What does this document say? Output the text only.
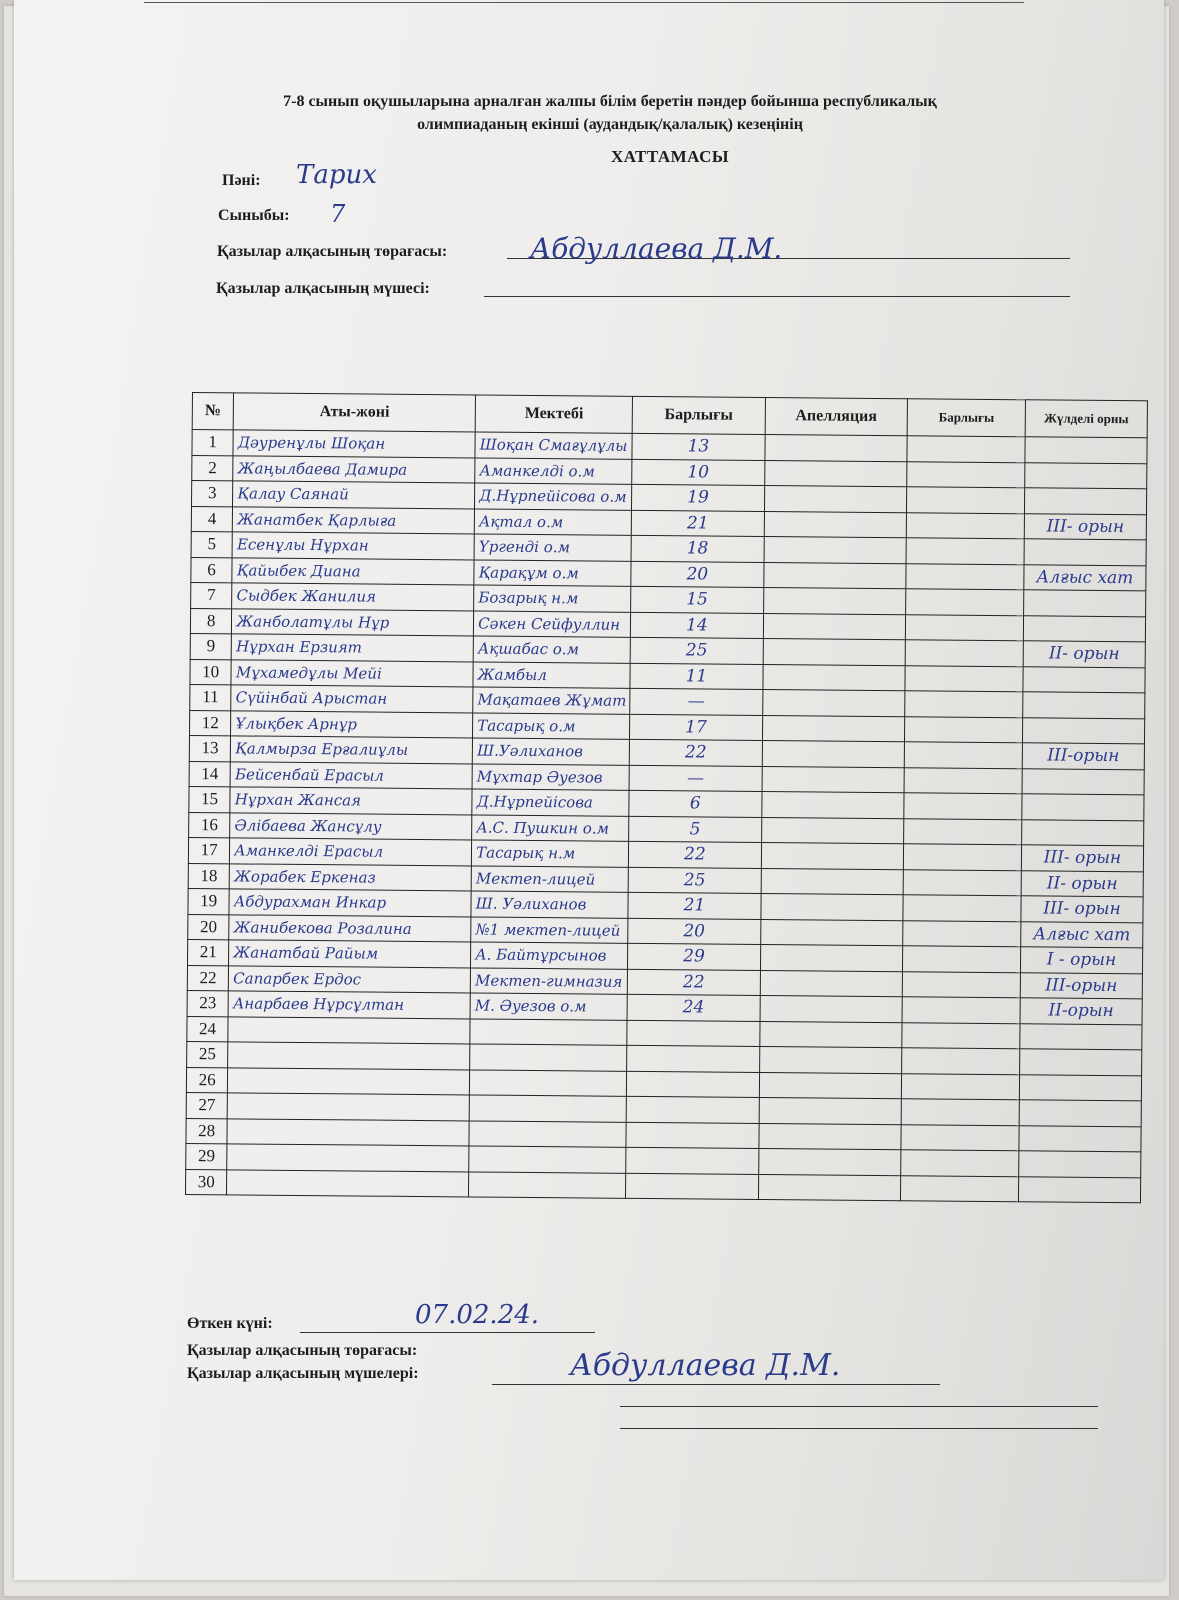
7-8 сынып оқушыларына арналған жалпы білім беретін пәндер бойынша республикалық
олимпиаданың екінші (аудандық/қалалық) кезеңінің
ХАТТАМАСЫ
Пәні: Тарих
Сыныбы: 7
Қазылар алқасының төрағасы:	Абдуллаева Д.М.
Қазылар алқасының мүшесі:
№	Аты-жөні	Мектебі	Барлығы	Апелляция	Барлығы	Жүлделі орны
1	Дәуренұлы Шоқан	Шоқан Смағұлұлы	13			
2	Жаңылбаева Дамира	Аманкелді о.м	10			
3	Қалау Саянай	Д.Нұрпейісова о.м	19			
4	Жанатбек Қарлыға	Ақтал о.м	21			III- орын
5	Есенұлы Нұрхан	Үргенді о.м	18			
6	Қайыбек Диана	Қарақұм о.м	20			Алғыс хат
7	Сыдбек Жанилия	Бозарық н.м	15			
8	Жанболатұлы Нұр	Сәкен Сейфуллин	14			
9	Нұрхан Ерзият	Ақшабас о.м	25			II- орын
10	Мұхамедұлы Мейі	Жамбыл	11			
11	Сүйінбай Арыстан	Мақатаев Жұмат	—			
12	Ұлықбек Арнұр	Тасарық о.м	17			
13	Қалмырза Ерғалиұлы	Ш.Уәлиханов	22			III-орын
14	Бейсенбай Ерасыл	Мұхтар Әуезов	—			
15	Нұрхан Жансая	Д.Нұрпейісова	6			
16	Әлібаева Жансұлу	А.С. Пушкин о.м	5			
17	Аманкелді Ерасыл	Тасарық н.м	22			III- орын
18	Жорабек Еркеназ	Мектеп-лицей	25			II- орын
19	Абдурахман Инкар	Ш. Уәлиханов	21			III- орын
20	Жанибекова Розалина	№1 мектеп-лицей	20			Алғыс хат
21	Жанатбай Райым	А. Байтұрсынов	29			I - орын
22	Сапарбек Ердос	Мектеп-гимназия	22			III-орын
23	Анарбаев Нұрсұлтан	М. Әуезов о.м	24			II-орын
24						
25						
26						
27						
28						
29						
30						
Өткен күні:	07.02.24.
Қазылар алқасының төрағасы:
Қазылар алқасының мүшелері:	Абдуллаева Д.М.
